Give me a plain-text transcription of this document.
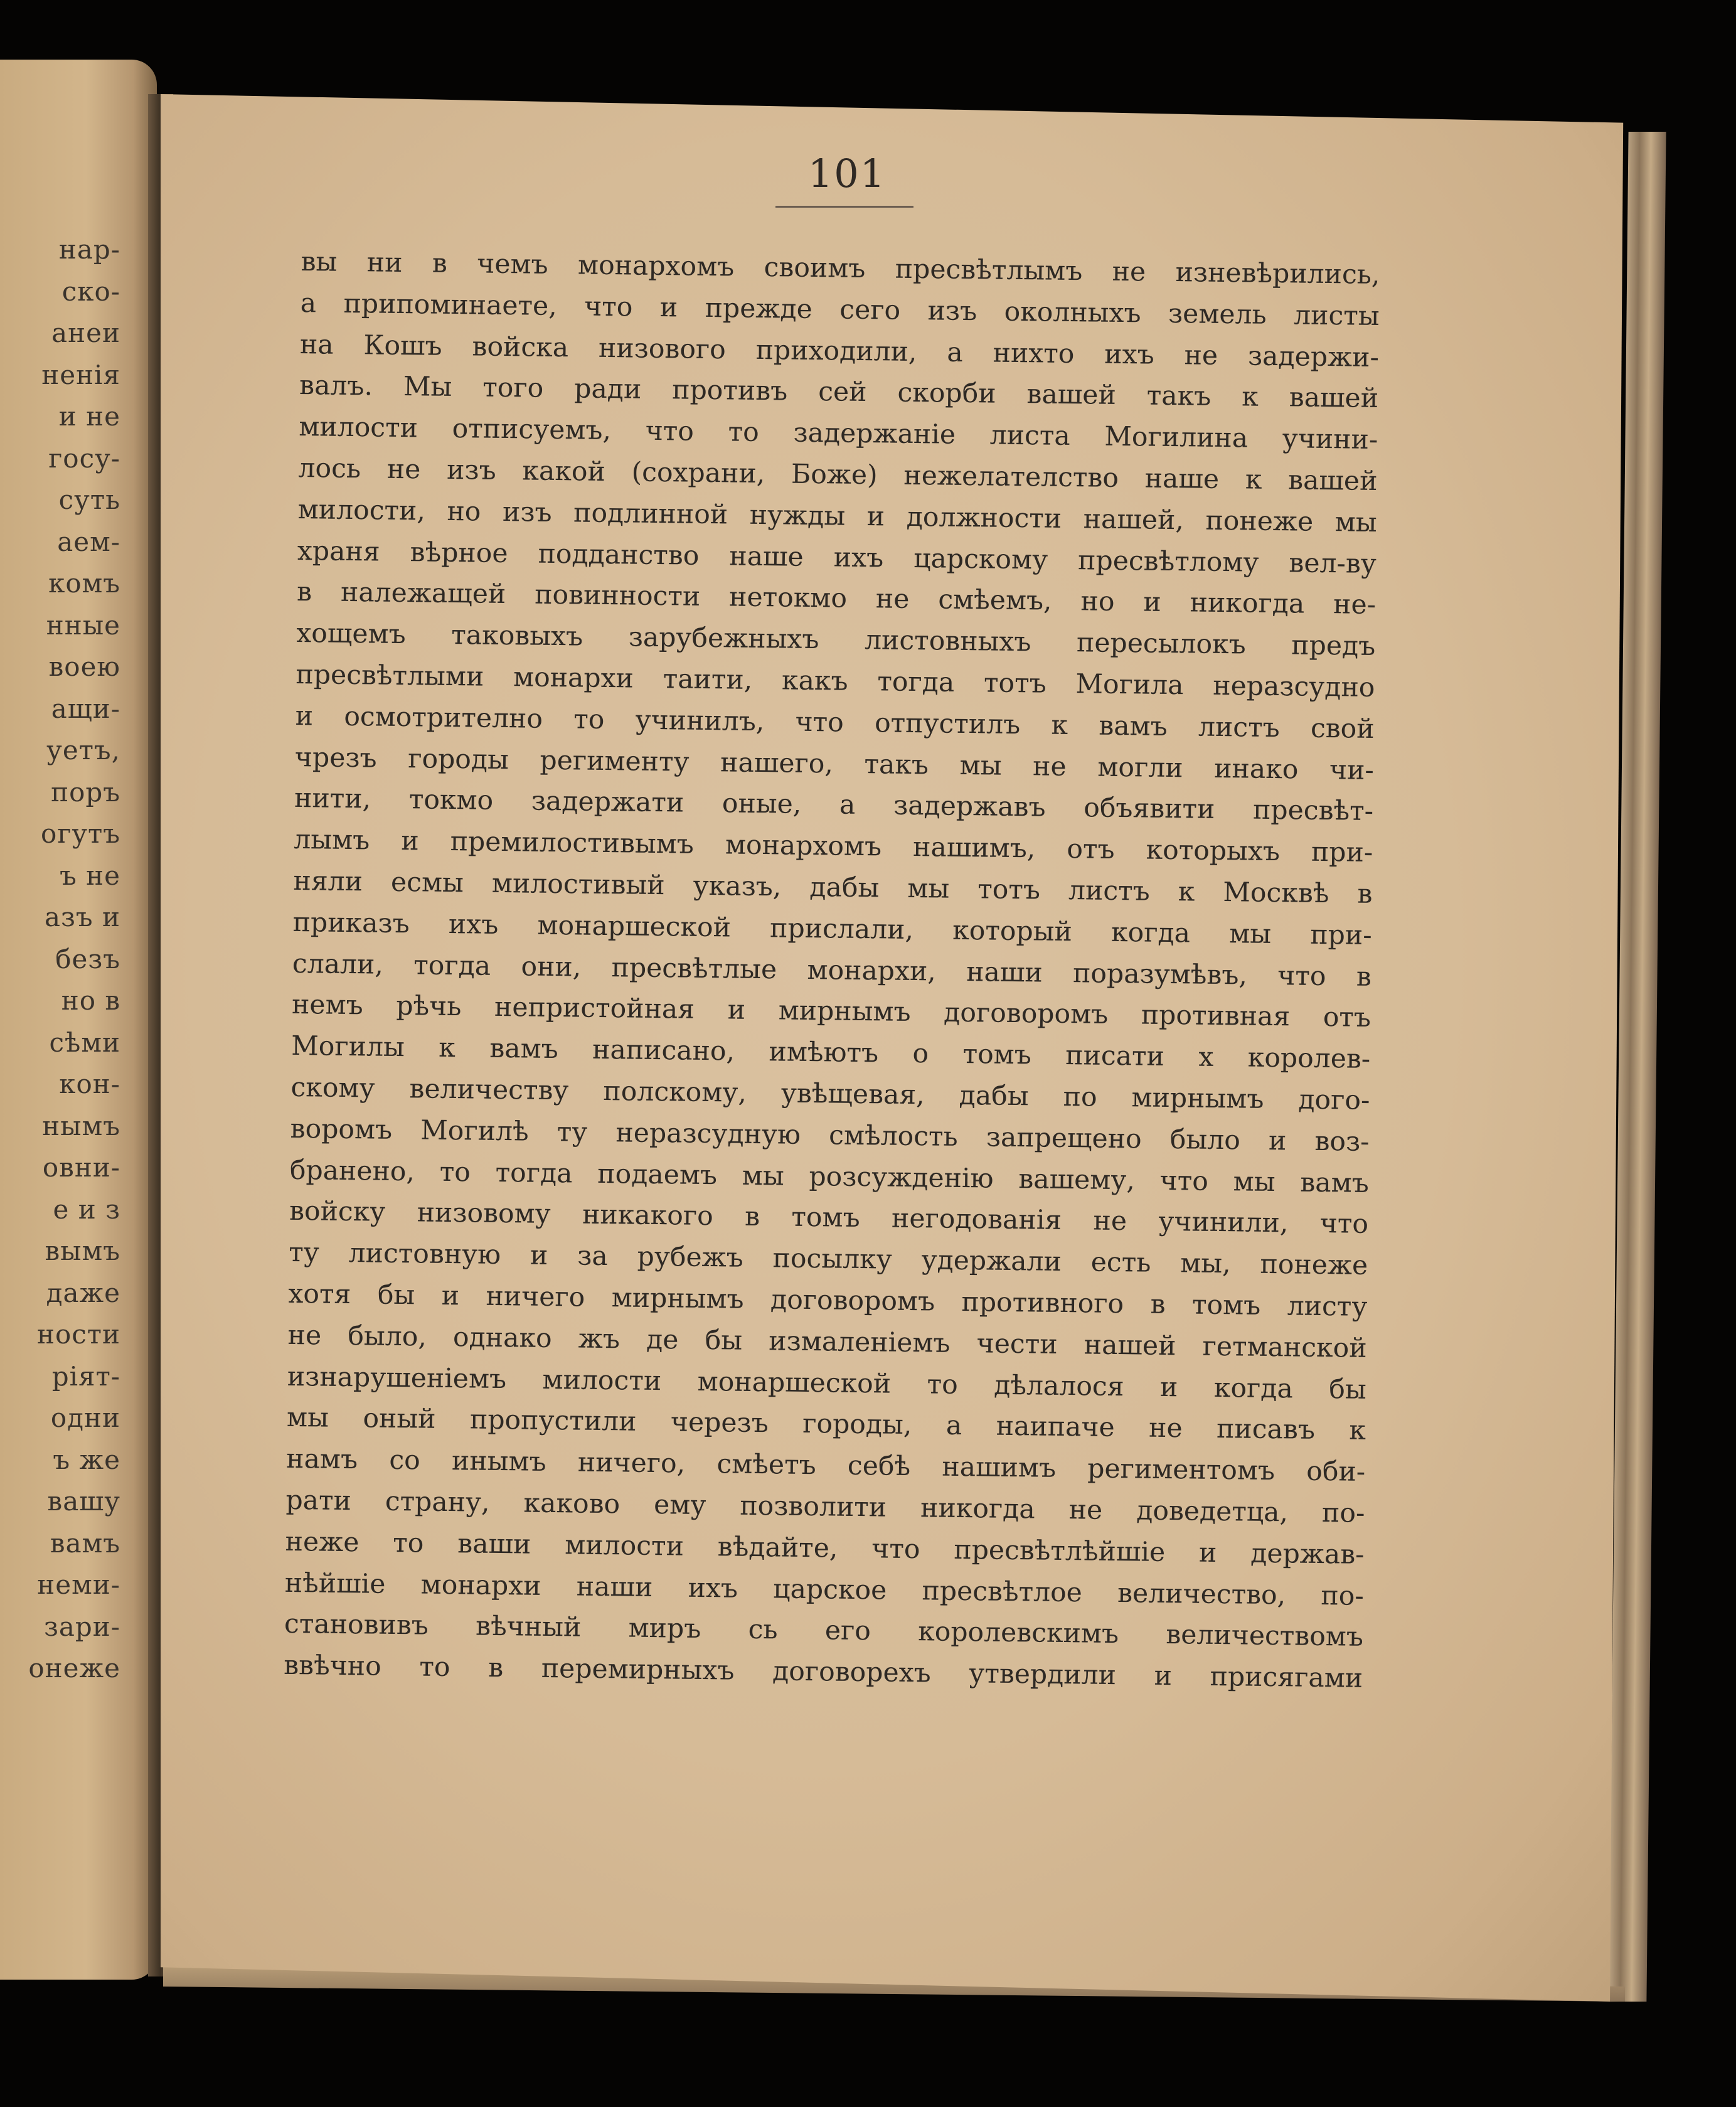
нар-
ско-
анеи
ненія
и не
госу-
суть
аем-
комъ
нные
воею
ащи-
уетъ,
поръ
огутъ
ъ не
азъ и
безъ
но в
сѣми
кон-
нымъ
овни-
е и з
вымъ
даже
ности
ріят-
одни
ъ же
вашу
вамъ
неми-
зари-
онеже
101
вы ни в чемъ монархомъ своимъ пресвѣтлымъ не изневѣрились,
а припоминаете, что и прежде сего изъ околныхъ земель листы
на Кошъ войска низового приходили, а нихто ихъ не задержи-
валъ. Мы того ради противъ сей скорби вашей такъ к вашей
милости отписуемъ, что то задержаніе листа Могилина учини-
лось не изъ какой (сохрани, Боже) нежелателство наше к вашей
милости, но изъ подлинной нужды и должности нашей, понеже мы
храня вѣрное подданство наше ихъ царскому пресвѣтлому вел-ву
в належащей повинности нетокмо не смѣемъ, но и никогда не-
хощемъ таковыхъ зарубежныхъ листовныхъ пересылокъ предъ
пресвѣтлыми монархи таити, какъ тогда тотъ Могила неразсудно
и осмотрително то учинилъ, что отпустилъ к вамъ листъ свой
чрезъ городы регименту нашего, такъ мы не могли инако чи-
нити, токмо задержати оные, а задержавъ объявити пресвѣт-
лымъ и премилостивымъ монархомъ нашимъ, отъ которыхъ при-
няли есмы милостивый указъ, дабы мы тотъ листъ к Москвѣ в
приказъ ихъ монаршеской прислали, который когда мы при-
слали, тогда они, пресвѣтлые монархи, наши поразумѣвъ, что в
немъ рѣчь непристойная и мирнымъ договоромъ противная отъ
Могилы к вамъ написано, имѣютъ о томъ писати х королев-
скому величеству полскому, увѣщевая, дабы по мирнымъ дого-
воромъ Могилѣ ту неразсудную смѣлость запрещено было и воз-
бранено, то тогда подаемъ мы розсужденію вашему, что мы вамъ
войску низовому никакого в томъ негодованія не учинили, что
ту листовную и за рубежъ посылку удержали есть мы, понеже
хотя бы и ничего мирнымъ договоромъ противного в томъ листу
не было, однако жъ де бы измаленіемъ чести нашей гетманской
изнарушеніемъ милости монаршеской то дѣлалося и когда бы
мы оный пропустили черезъ городы, а наипаче не писавъ к
намъ со инымъ ничего, смѣетъ себѣ нашимъ региментомъ оби-
рати страну, каково ему позволити никогда не доведетца, по-
неже то ваши милости вѣдайте, что пресвѣтлѣйшіе и держав-
нѣйшіе монархи наши ихъ царское пресвѣтлое величество, по-
становивъ вѣчный миръ сь его королевскимъ величествомъ
ввѣчно то в перемирныхъ договорехъ утвердили и присягами
